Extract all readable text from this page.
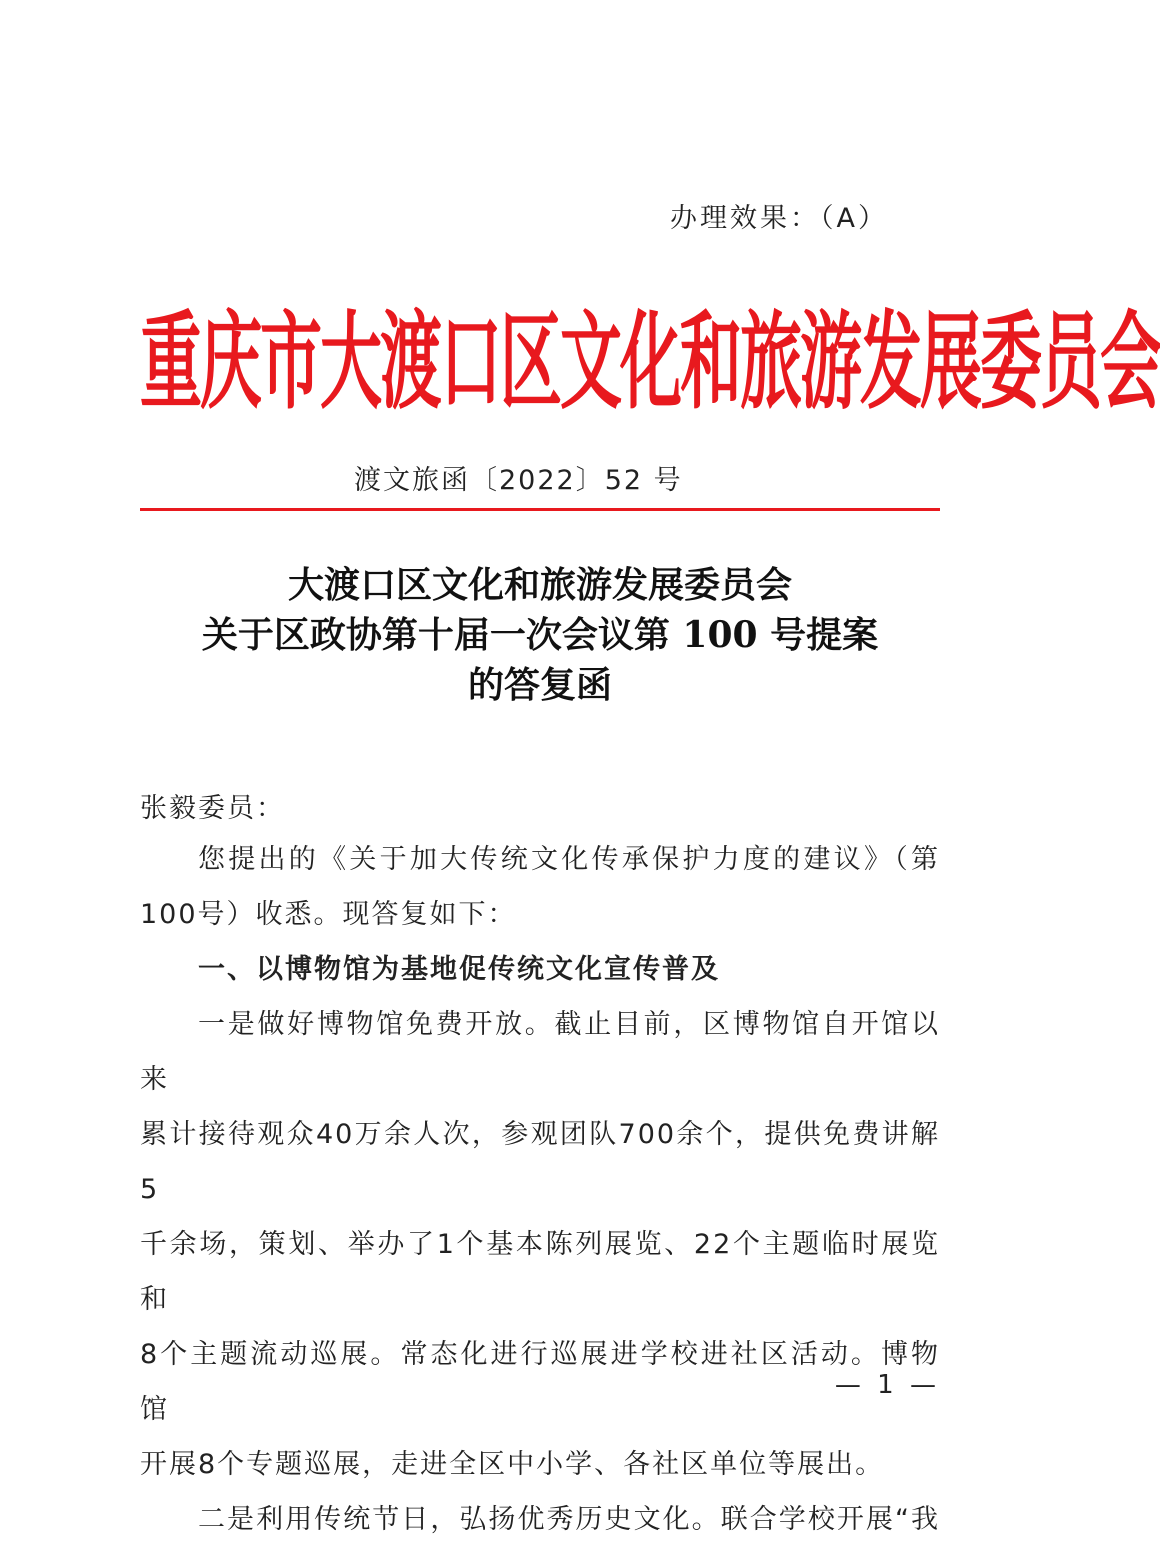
办理效果：（A）
重庆市大渡口区文化和旅游发展委员会
渡文旅函〔2022〕52 号
大渡口区文化和旅游发展委员会
关于区政协第十届一次会议第 100 号提案
的答复函
张毅委员：

您提出的《关于加大传统文化传承保护力度的建议》（第

100号）收悉。现答复如下：

一、以博物馆为基地促传统文化宣传普及

一是做好博物馆免费开放。截止目前，区博物馆自开馆以来

累计接待观众40万余人次，参观团队700余个，提供免费讲解5

千余场，策划、举办了1个基本陈列展览、22个主题临时展览和

8个主题流动巡展。常态化进行巡展进学校进社区活动。博物馆

开展8个专题巡展，走进全区中小学、各社区单位等展出。

二是利用传统节日，弘扬优秀历史文化。联合学校开展“我

— 1 —
